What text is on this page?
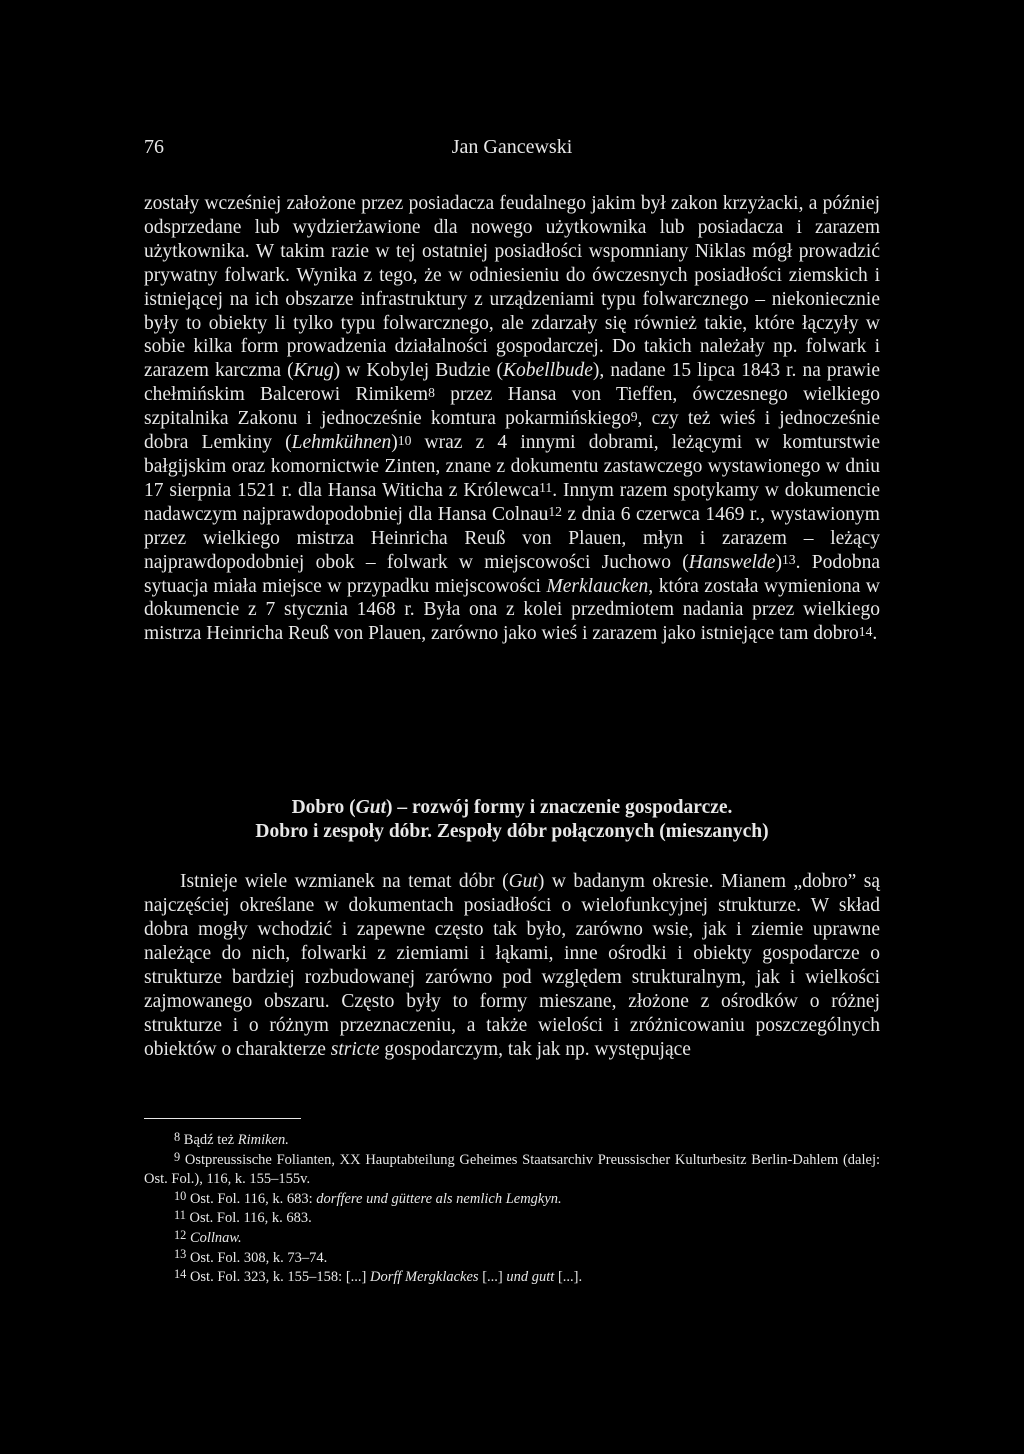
76	Jan Gancewski
zostały wcześniej założone przez posiadacza feudalnego jakim był zakon krzyżacki, a później odsprzedane lub wydzierżawione dla nowego użytkownika lub posiadacza i zarazem użytkownika. W takim razie w tej ostatniej posiadłości wspomniany Niklas mógł prowadzić prywatny folwark. Wynika z tego, że w odniesieniu do ówczesnych posiadłości ziemskich i istniejącej na ich obszarze infrastruktury z urządzeniami typu folwarcznego – niekoniecznie były to obiekty li tylko typu folwarcznego, ale zdarzały się również takie, które łączyły w sobie kilka form prowadzenia działalności gospodarczej. Do takich należały np. folwark i zarazem karczma (Krug) w Kobylej Budzie (Kobellbude), nadane 15 lipca 1843 r. na prawie chełmińskim Balcerowi Rimikem$^8$ przez Hansa von Tieffen, ówczesnego wielkiego szpitalnika Zakonu i jednocześnie komtura pokarmińskiego$^9$, czy też wieś i jednocześnie dobra Lemkiny (Lehmkühnen)$^{10}$ wraz z 4 innymi dobrami, leżącymi w komturstwie bałgijskim oraz komornictwie Zinten, znane z dokumentu zastawczego wystawionego w dniu 17 sierpnia 1521 r. dla Hansa Witicha z Królewca$^{11}$. Innym razem spotykamy w dokumencie nadawczym najprawdopodobniej dla Hansa Colnau$^{12}$ z dnia 6 czerwca 1469 r., wystawionym przez wielkiego mistrza Heinricha Reuß von Plauen, młyn i zarazem – leżący najprawdopodobniej obok – folwark w miejscowości Juchowo (Hanswelde)$^{13}$. Podobna sytuacja miała miejsce w przypadku miejscowości Merklaucken, która została wymieniona w dokumencie z 7 stycznia 1468 r. Była ona z kolei przedmiotem nadania przez wielkiego mistrza Heinricha Reuß von Plauen, zarówno jako wieś i zarazem jako istniejące tam dobro$^{14}$.
Dobro (Gut) – rozwój formy i znaczenie gospodarcze.
Dobro i zespoły dóbr. Zespoły dóbr połączonych (mieszanych)
Istnieje wiele wzmianek na temat dóbr (Gut) w badanym okresie. Mianem „dobro” są najczęściej określane w dokumentach posiadłości o wielofunkcyjnej strukturze. W skład dobra mogły wchodzić i zapewne często tak było, zarówno wsie, jak i ziemie uprawne należące do nich, folwarki z ziemiami i łąkami, inne ośrodki i obiekty gospodarcze o strukturze bardziej rozbudowanej zarówno pod względem strukturalnym, jak i wielkości zajmowanego obszaru. Często były to formy mieszane, złożone z ośrodków o różnej strukturze i o różnym przeznaczeniu, a także wielości i zróżnicowaniu poszczególnych obiektów o charakterze stricte gospodarczym, tak jak np. występujące
$^8$ Bądź też Rimiken.
$^9$ Ostpreussische Folianten, XX Hauptabteilung Geheimes Staatsarchiv Preussischer Kulturbesitz Berlin-Dahlem (dalej: Ost. Fol.), 116, k. 155–155v.
$^{10}$ Ost. Fol. 116, k. 683: dorffere und güttere als nemlich Lemgkyn.
$^{11}$ Ost. Fol. 116, k. 683.
$^{12}$ Collnaw.
$^{13}$ Ost. Fol. 308, k. 73–74.
$^{14}$ Ost. Fol. 323, k. 155–158: [...] Dorff Mergklackes [...] und gutt [...].
